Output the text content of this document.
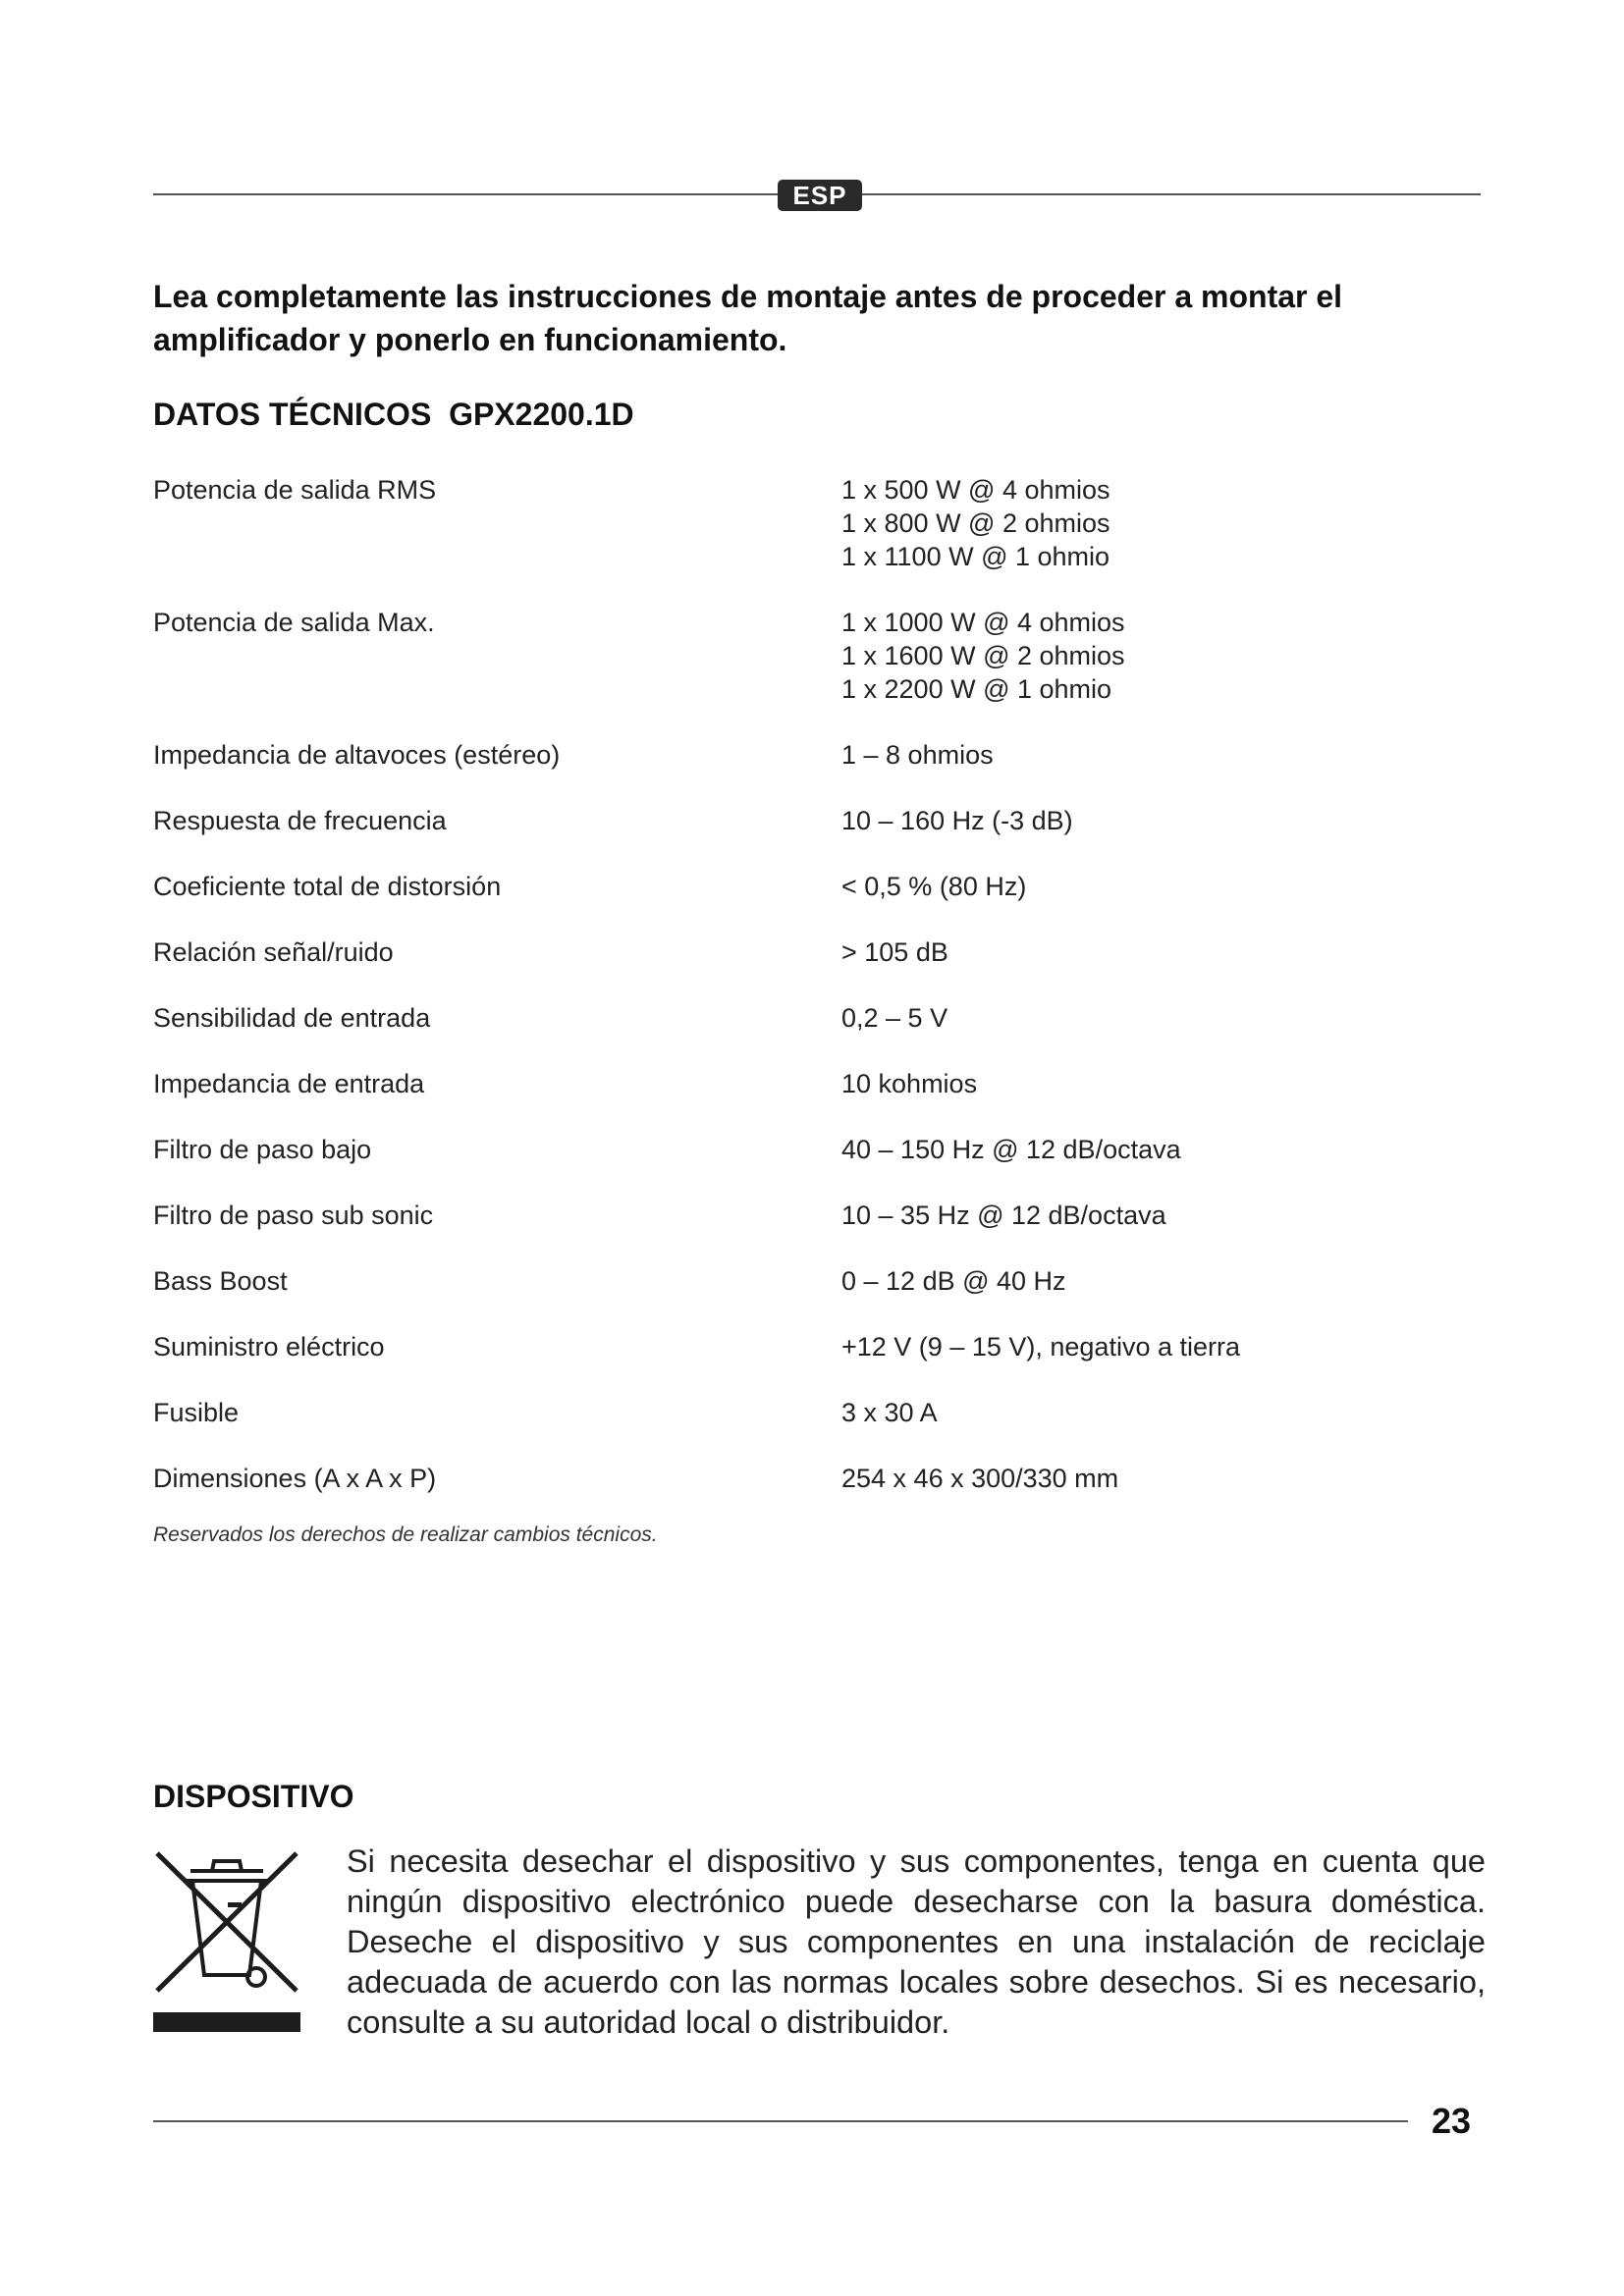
ESP
Lea completamente las instrucciones de montaje antes de proceder a montar el amplificador y ponerlo en funcionamiento.
DATOS TÉCNICOS  GPX2200.1D
Potencia de salida RMS	1 x 500 W @ 4 ohmios
1 x 800 W @ 2 ohmios
1 x 1100 W @ 1 ohmio
Potencia de salida Max.	1 x 1000 W @ 4 ohmios
1 x 1600 W @ 2 ohmios
1 x 2200 W @ 1 ohmio
Impedancia de altavoces (estéreo)	1 – 8 ohmios
Respuesta de frecuencia	10 – 160 Hz (-3 dB)
Coeficiente total de distorsión	< 0,5 % (80 Hz)
Relación señal/ruido	> 105 dB
Sensibilidad de entrada	0,2 – 5 V
Impedancia de entrada	10 kohmios
Filtro de paso bajo	40 – 150 Hz @ 12 dB/octava
Filtro de paso sub sonic	10 – 35 Hz @ 12 dB/octava
Bass Boost	0 – 12 dB @ 40 Hz
Suministro eléctrico	+12 V (9 – 15 V), negativo a tierra
Fusible	3 x 30 A
Dimensiones (A x A x P)	254 x 46 x 300/330 mm
Reservados los derechos de realizar cambios técnicos.
DISPOSITIVO
Si necesita desechar el dispositivo y sus componentes, tenga en cuenta que ningún dispositivo electrónico puede desecharse con la basura doméstica. Deseche el dispositivo y sus componentes en una instalación de reciclaje adecuada de acuerdo con las normas locales sobre desechos. Si es necesario, consulte a su autoridad local o distribuidor.
23
